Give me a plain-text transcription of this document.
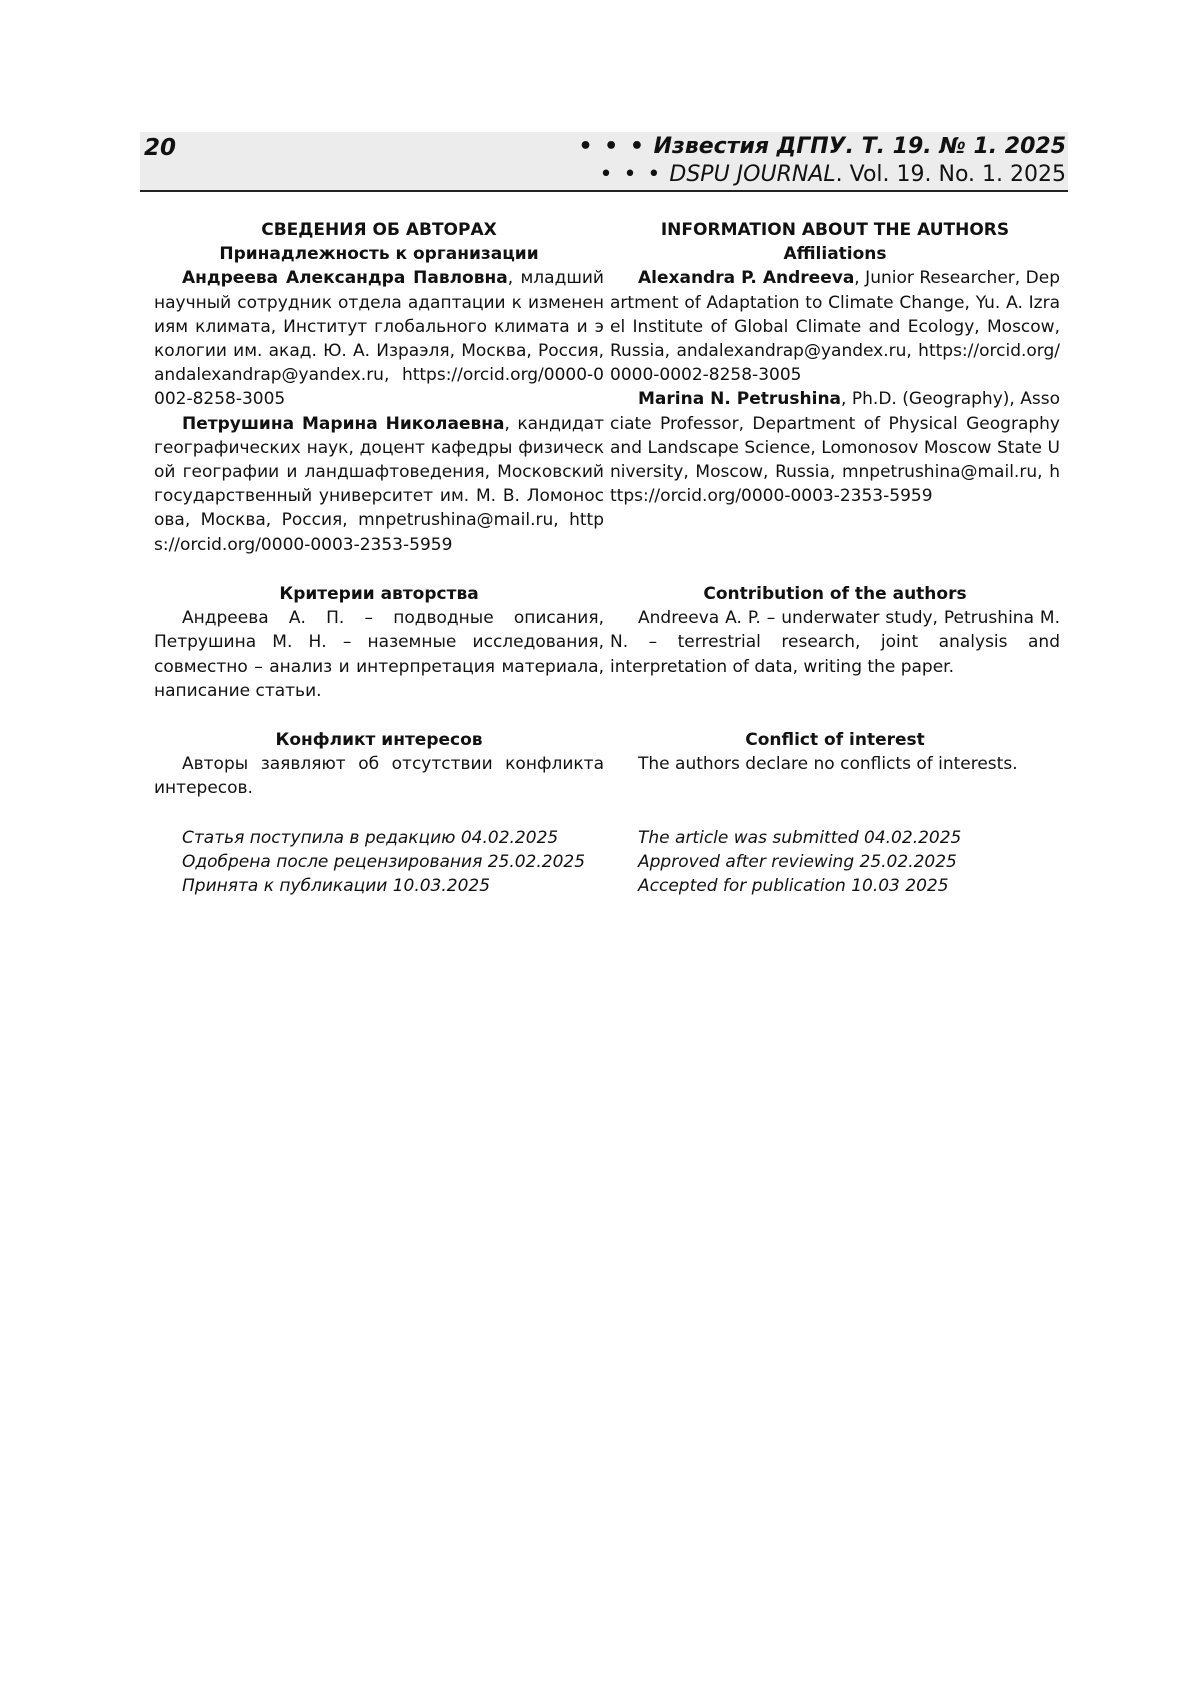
20	• • • Известия ДГПУ. Т. 19. № 1. 2025
• • • DSPU JOURNAL. Vol. 19. No. 1. 2025
СВЕДЕНИЯ ОБ АВТОРАХ
Принадлежность к организации
Андреева Александра Павловна, младший научный сотрудник отдела адаптации к изменениям климата, Институт глобального климата и экологии им. акад. Ю. А. Израэля, Москва, Россия, andalexandrap@yandex.ru, https://orcid.org/0000-0002-8258-3005
Петрушина Марина Николаевна, кандидат географических наук, доцент кафедры физической географии и ландшафтоведения, Московский государственный университет им. М. В. Ломоносова, Москва, Россия, mnpetrushina@mail.ru, https://orcid.org/0000-0003-2353-5959
Критерии авторства
Андреева А. П. – подводные описания, Петрушина М. Н. – наземные исследования, совместно – анализ и интерпретация материала, написание статьи.
Конфликт интересов
Авторы заявляют об отсутствии конфликта интересов.
Статья поступила в редакцию 04.02.2025
Одобрена после рецензирования 25.02.2025
Принята к публикации 10.03.2025
INFORMATION ABOUT THE AUTHORS
Affiliations
Alexandra P. Andreeva, Junior Researcher, Department of Adaptation to Climate Change, Yu. A. Izrael Institute of Global Climate and Ecology, Moscow, Russia, andalexandrap@yandex.ru, https://orcid.org/0000-0002-8258-3005
Marina N. Petrushina, Ph.D. (Geography), Associate Professor, Department of Physical Geography and Landscape Science, Lomonosov Moscow State University, Moscow, Russia, mnpetrushina@mail.ru, https://orcid.org/0000-0003-2353-5959
Contribution of the authors
Andreeva A. P. – underwater study, Petrushina M. N. – terrestrial research, joint analysis and interpretation of data, writing the paper.
Conflict of interest
The authors declare no conflicts of interests.
The article was submitted 04.02.2025
Approved after reviewing 25.02.2025
Accepted for publication 10.03 2025
